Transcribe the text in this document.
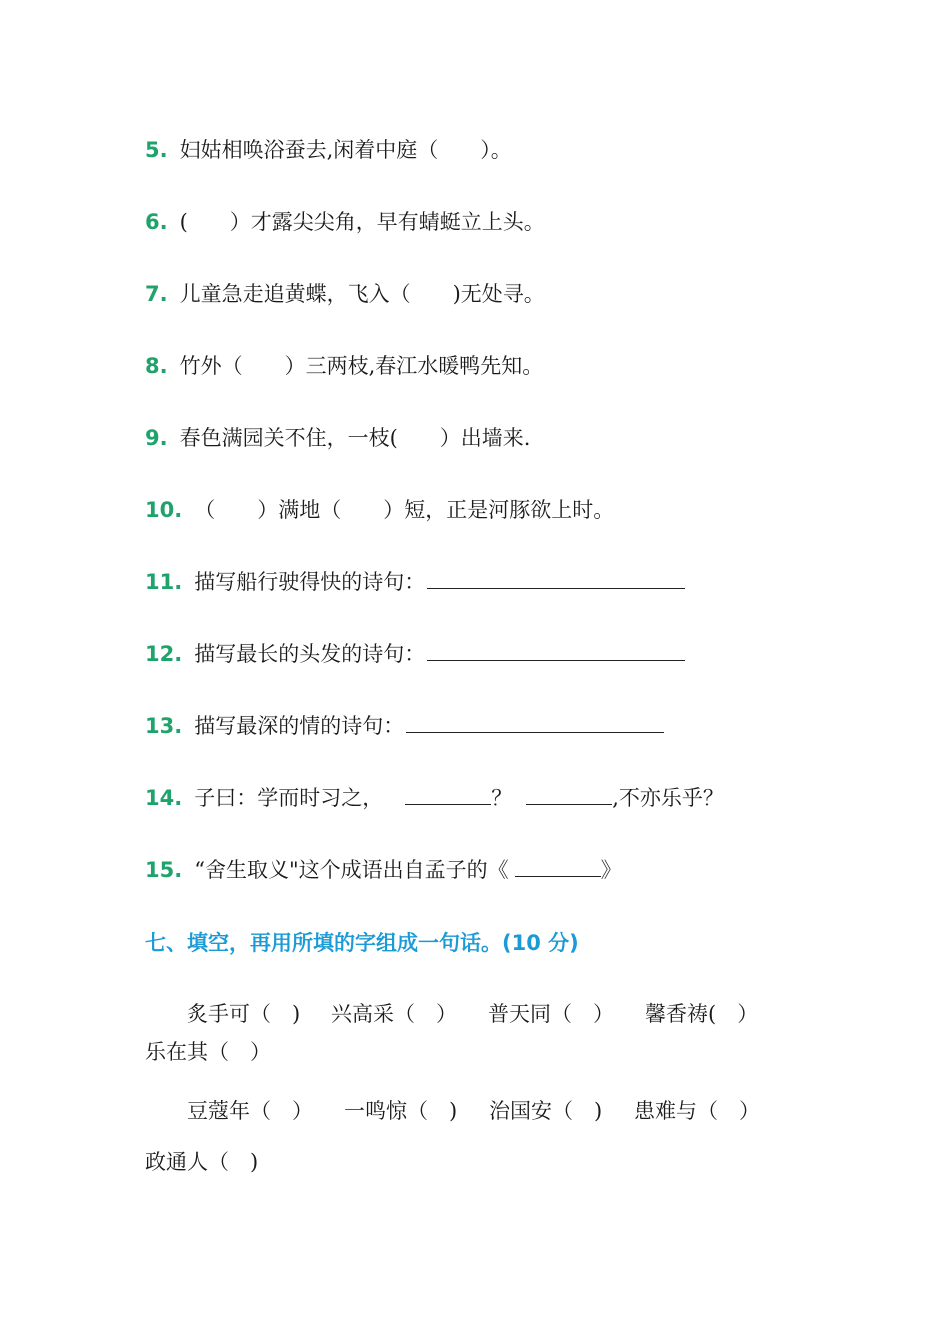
5. 妇姑相唤浴蚕去,闲着中庭（　　）。
6. (　　）才露尖尖角，早有蜻蜓立上头。
7. 儿童急走追黄蝶，飞入（　　)无处寻。
8. 竹外（　　）三两枝,春江水暖鸭先知。
9. 春色满园关不住，一枝(　　）出墙来.
10. （　　）满地（　　）短，正是河豚欲上时。
11. 描写船行驶得快的诗句：
12. 描写最长的头发的诗句：
13. 描写最深的情的诗句：
14. 子曰：学而时习之，	？	,不亦乐乎？
15. “舍生取义"这个成语出自孟子的《	》
七、填空，再用所填的字组成一句话。(10 分)
炙手可（　) 兴高采（　） 普天同（　） 馨香祷(　）
乐在其（　）
豆蔻年（　） 一鸣惊（　) 治国安（　) 患难与（　）
政通人（　)
